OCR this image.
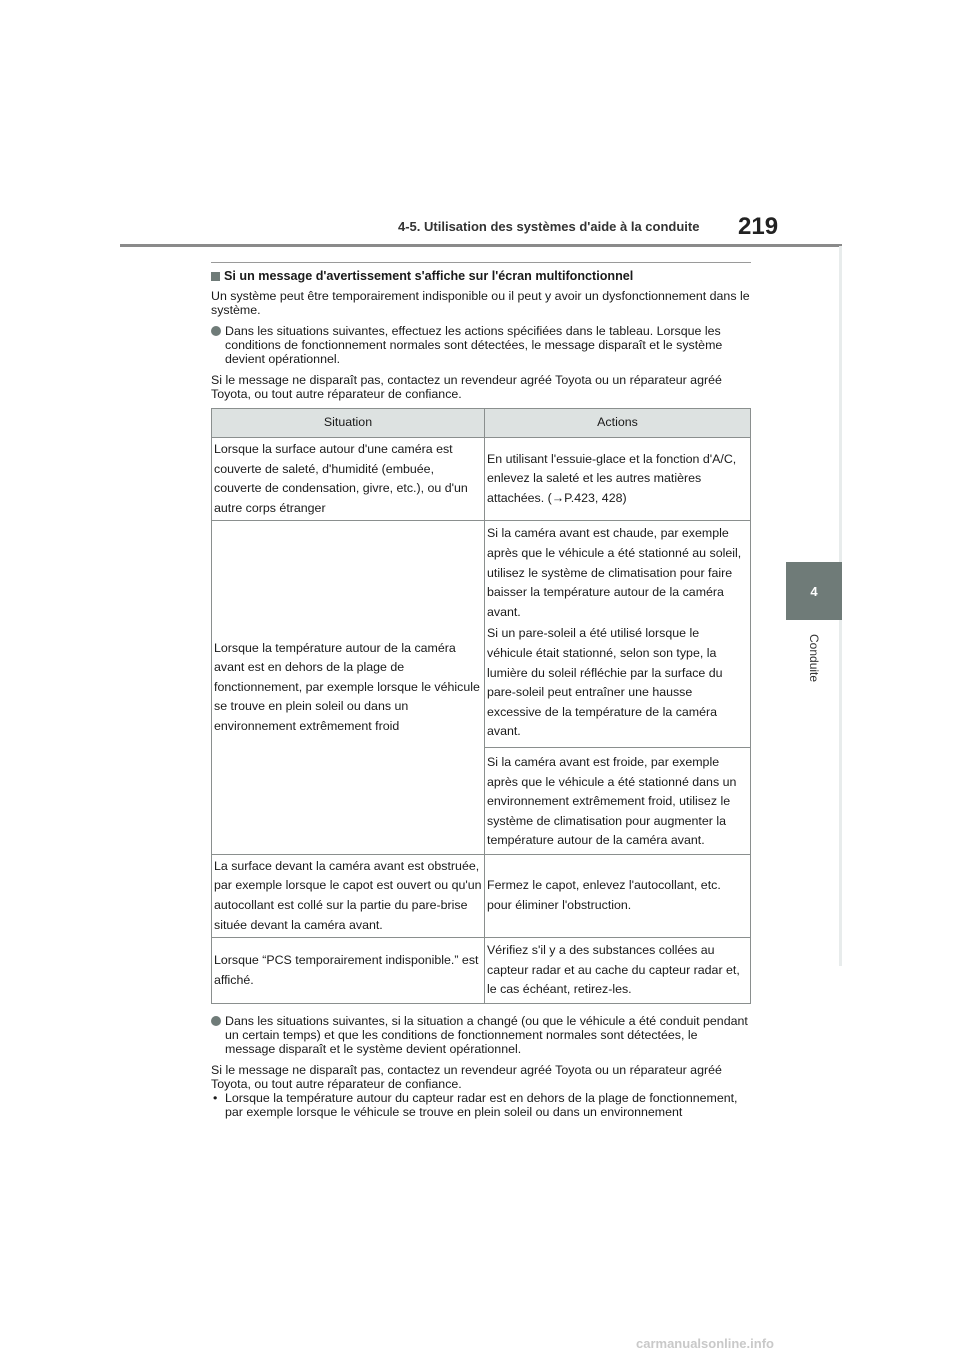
4-5. Utilisation des systèmes d'aide à la conduite 219
4
Conduite
Si un message d'avertissement s'affiche sur l'écran multifonctionnel

Un système peut être temporairement indisponible ou il peut y avoir un dysfonctionnement dans le système.

Dans les situations suivantes, effectuez les actions spécifiées dans le tableau. Lorsque les conditions de fonctionnement normales sont détectées, le message disparaît et le système devient opérationnel.

Si le message ne disparaît pas, contactez un revendeur agréé Toyota ou un réparateur agréé Toyota, ou tout autre réparateur de confiance.

Situation	Actions
Lorsque la surface autour d'une caméra est couverte de saleté, d'humidité (embuée, couverte de condensation, givre, etc.), ou d'un autre corps étranger	En utilisant l'essuie-glace et la fonction d'A/C, enlevez la saleté et les autres matières attachées. (→P.423, 428)

Lorsque la température autour de la caméra avant est en dehors de la plage de fonctionnement, par exemple lorsque le véhicule se trouve en plein soleil ou dans un environnement extrêmement froid	Si la caméra avant est chaude, par exemple après que le véhicule a été stationné au soleil, utilisez le système de climatisation pour faire baisser la température autour de la caméra avant.
Si un pare-soleil a été utilisé lorsque le véhicule était stationné, selon son type, la lumière du soleil réfléchie par la surface du pare-soleil peut entraîner une hausse excessive de la température de la caméra avant.
Si la caméra avant est froide, par exemple après que le véhicule a été stationné dans un environnement extrêmement froid, utilisez le système de climatisation pour augmenter la température autour de la caméra avant.

La surface devant la caméra avant est obstruée, par exemple lorsque le capot est ouvert ou qu'un autocollant est collé sur la partie du pare-brise située devant la caméra avant.	Fermez le capot, enlevez l'autocollant, etc. pour éliminer l'obstruction.

Lorsque “PCS temporairement indisponible.” est affiché.	Vérifiez s'il y a des substances collées au capteur radar et au cache du capteur radar et, le cas échéant, retirez-les.
Dans les situations suivantes, si la situation a changé (ou que le véhicule a été conduit pendant un certain temps) et que les conditions de fonctionnement normales sont détectées, le message disparaît et le système devient opérationnel.

Si le message ne disparaît pas, contactez un revendeur agréé Toyota ou un réparateur agréé Toyota, ou tout autre réparateur de confiance.

• Lorsque la température autour du capteur radar est en dehors de la plage de fonctionnement, par exemple lorsque le véhicule se trouve en plein soleil ou dans un environnement
carmanualsonline.info
